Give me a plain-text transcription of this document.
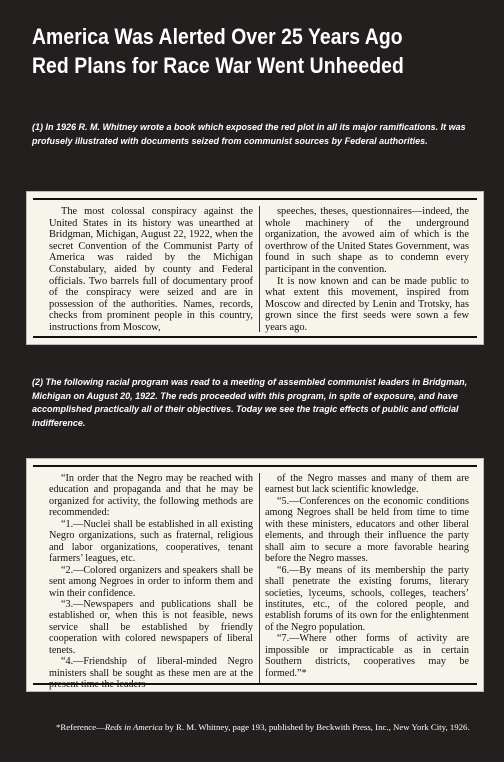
America Was Alerted Over 25 Years Ago
Red Plans for Race War Went Unheeded
(1) In 1926 R. M. Whitney wrote a book which exposed the red plot in all its major ramifications. It was profusely illustrated with documents seized from communist sources by Federal authorities.

The most colossal conspiracy against the United States in its history was unearthed at Bridgman, Michigan, August 22, 1922, when the secret Convention of the Communist Party of America was raided by the Michigan Constabulary, aided by county and Federal officials. Two barrels full of documentary proof of the conspiracy were seized and are in possession of the authorities. Names, records, checks from prominent people in this country, instructions from Moscow,

speeches, theses, questionnaires—indeed, the whole machinery of the underground organization, the avowed aim of which is the overthrow of the United States Government, was found in such shape as to condemn every participant in the convention.

It is now known and can be made public to what extent this movement, inspired from Moscow and directed by Lenin and Trotsky, has grown since the first seeds were sown a few years ago.

(2) The following racial program was read to a meeting of assembled communist leaders in Bridgman, Michigan on August 20, 1922. The reds proceeded with this program, in spite of exposure, and have accomplished practically all of their objectives. Today we see the tragic effects of public and official indifference.

“In order that the Negro may be reached with education and propaganda and that he may be organized for activity, the following methods are recommended:

“1.—Nuclei shall be established in all existing Negro organizations, such as fraternal, religious and labor organizations, cooperatives, tenant farmers’ leagues, etc.

“2.—Colored organizers and speakers shall be sent among Negroes in order to inform them and win their confidence.

“3.—Newspapers and publications shall be established or, when this is not feasible, news service shall be established by friendly cooperation with colored newspapers of liberal tenets.

“4.—Friendship of liberal-minded Negro ministers shall be sought as these men are at the present time the leaders

of the Negro masses and many of them are earnest but lack scientific knowledge.

“5.—Conferences on the economic conditions among Negroes shall be held from time to time with these ministers, educators and other liberal elements, and through their influence the party shall aim to secure a more favorable hearing before the Negro masses.

“6.—By means of its membership the party shall penetrate the existing forums, literary societies, lyceums, schools, colleges, teachers’ institutes, etc., of the colored people, and establish forums of its own for the enlightenment of the Negro population.

“7.—Where other forms of activity are impossible or impracticable as in certain Southern districts, cooperatives may be formed.”*

*Reference—Reds in America by R. M. Whitney, page 193, published by Beckwith Press, Inc., New York City, 1926.
